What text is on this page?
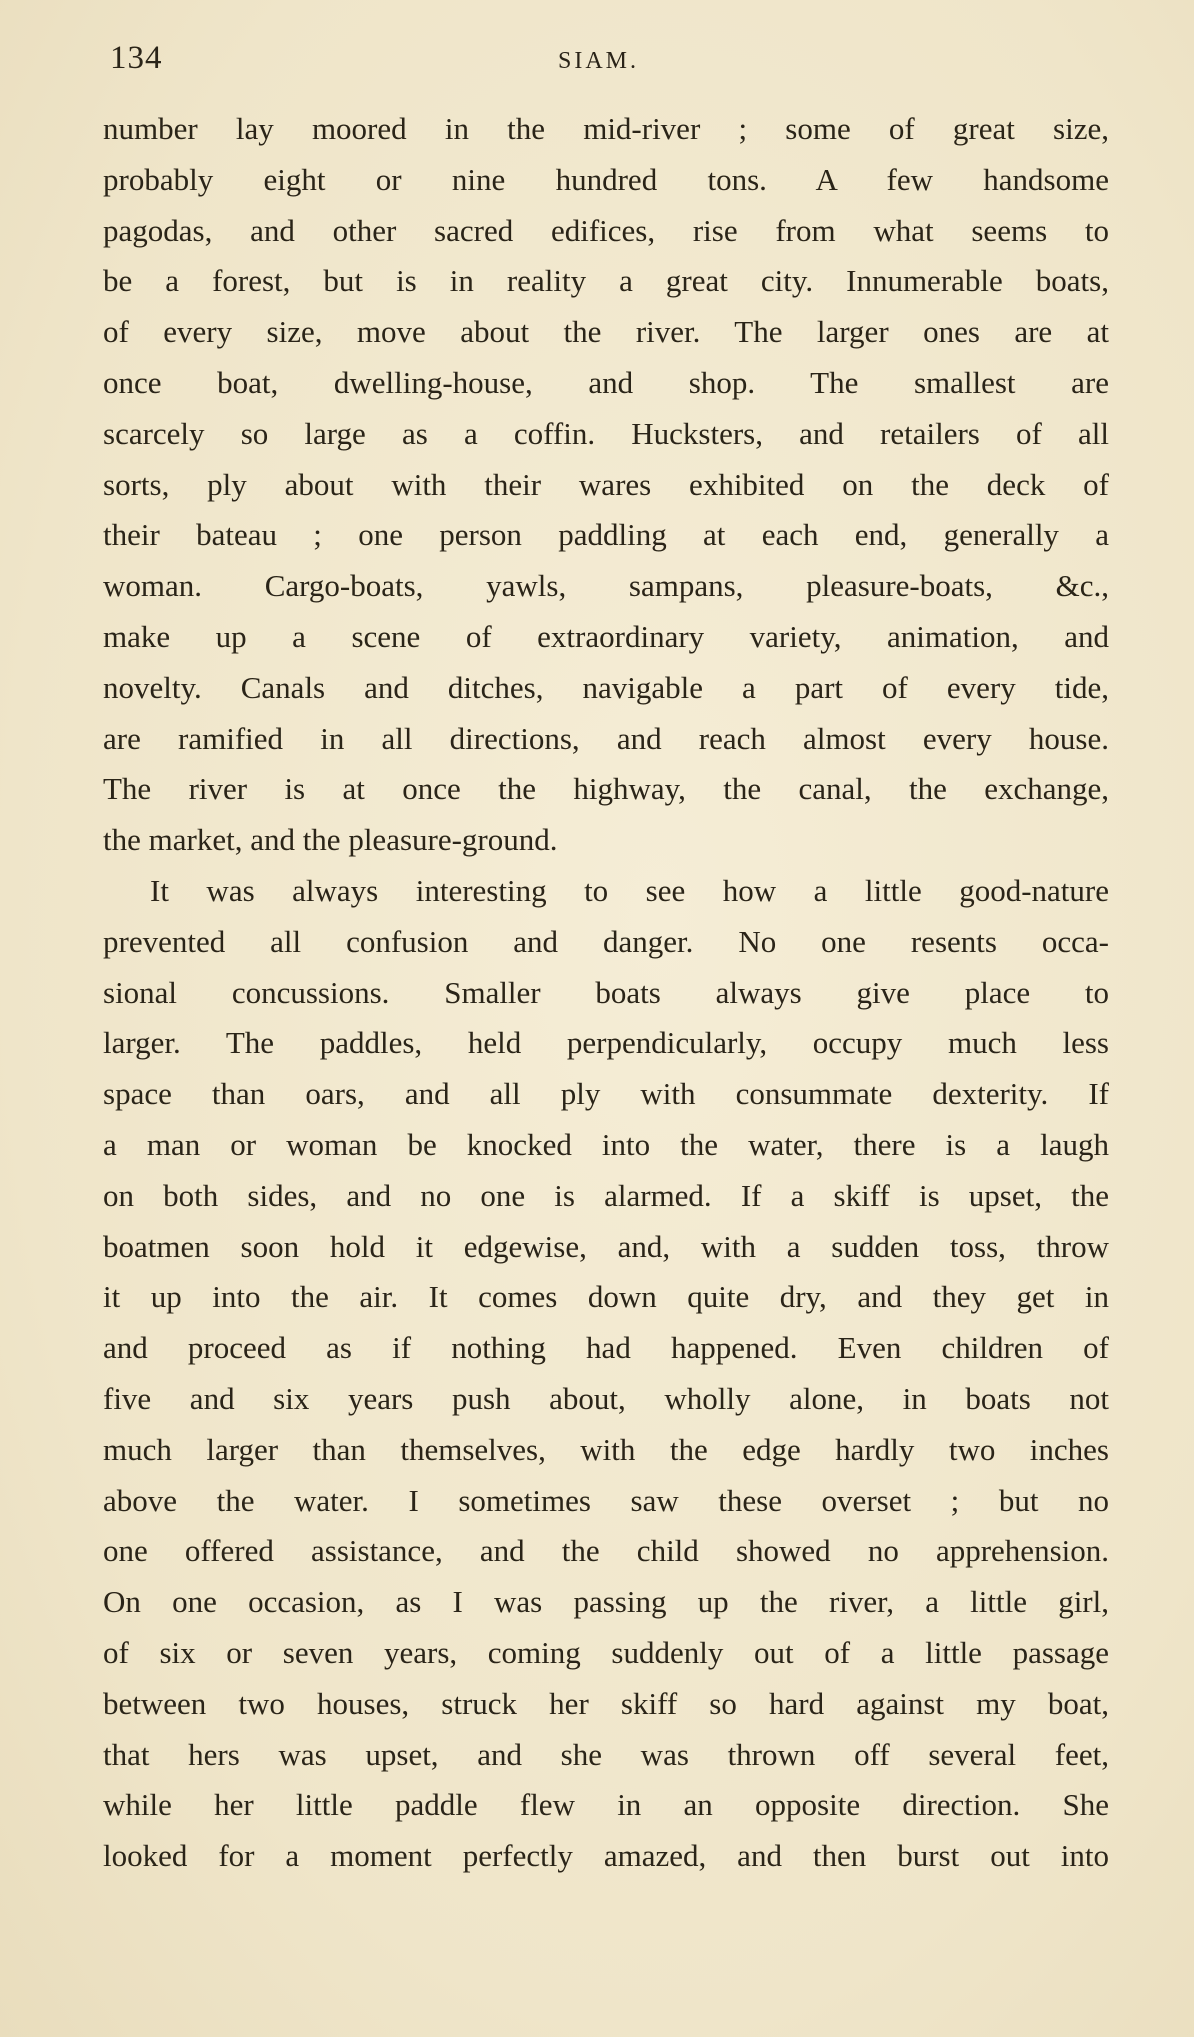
134	SIAM.
number lay moored in the mid-river ; some of great size,
probably eight or nine hundred tons. A few handsome
pagodas, and other sacred edifices, rise from what seems to
be a forest, but is in reality a great city. Innumerable boats,
of every size, move about the river. The larger ones are at
once boat, dwelling-house, and shop. The smallest are
scarcely so large as a coffin. Hucksters, and retailers of all
sorts, ply about with their wares exhibited on the deck of
their bateau ; one person paddling at each end, generally a
woman. Cargo-boats, yawls, sampans, pleasure-boats, &c.,
make up a scene of extraordinary variety, animation, and
novelty. Canals and ditches, navigable a part of every tide,
are ramified in all directions, and reach almost every house.
The river is at once the highway, the canal, the exchange,
the market, and the pleasure-ground.
It was always interesting to see how a little good-nature
prevented all confusion and danger. No one resents occa-
sional concussions. Smaller boats always give place to
larger. The paddles, held perpendicularly, occupy much less
space than oars, and all ply with consummate dexterity. If
a man or woman be knocked into the water, there is a laugh
on both sides, and no one is alarmed. If a skiff is upset, the
boatmen soon hold it edgewise, and, with a sudden toss, throw
it up into the air. It comes down quite dry, and they get in
and proceed as if nothing had happened. Even children of
five and six years push about, wholly alone, in boats not
much larger than themselves, with the edge hardly two inches
above the water. I sometimes saw these overset ; but no
one offered assistance, and the child showed no apprehension.
On one occasion, as I was passing up the river, a little girl,
of six or seven years, coming suddenly out of a little passage
between two houses, struck her skiff so hard against my boat,
that hers was upset, and she was thrown off several feet,
while her little paddle flew in an opposite direction. She
looked for a moment perfectly amazed, and then burst out into
